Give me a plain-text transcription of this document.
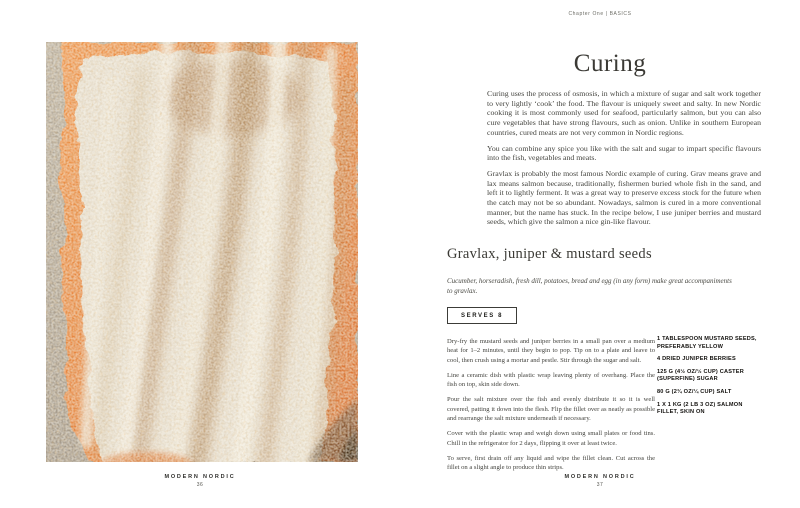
MODERN NORDIC
36
Chapter One | BASICS
Curing

Curing uses the process of osmosis, in which a mixture of sugar and salt work together to very lightly ‘cook’ the food. The flavour is uniquely sweet and salty. In new Nordic cooking it is most commonly used for seafood, particularly salmon, but you can also cure vegetables that have strong flavours, such as onion. Unlike in southern European countries, cured meats are not very common in Nordic regions.

You can combine any spice you like with the salt and sugar to impart specific flavours into the fish, vegetables and meats.

Gravlax is probably the most famous Nordic example of curing. Grav means grave and lax means salmon because, traditionally, fishermen buried whole fish in the sand, and left it to lightly ferment. It was a great way to preserve excess stock for the future when the catch may not be so abundant. Nowadays, salmon is cured in a more conventional manner, but the name has stuck. In the recipe below, I use juniper berries and mustard seeds, which give the salmon a nice gin-like flavour.

Gravlax, juniper & mustard seeds

Cucumber, horseradish, fresh dill, potatoes, bread and egg (in any form) make great accompaniments to gravlax.

SERVES 8

Dry-fry the mustard seeds and juniper berries in a small pan over a medium heat for 1–2 minutes, until they begin to pop. Tip on to a plate and leave to cool, then crush using a mortar and pestle. Stir through the sugar and salt.

Line a ceramic dish with plastic wrap leaving plenty of overhang. Place the fish on top, skin side down.

Pour the salt mixture over the fish and evenly distribute it so it is well covered, patting it down into the flesh. Flip the fillet over as neatly as possible and rearrange the salt mixture underneath if necessary.

Cover with the plastic wrap and weigh down using small plates or food tins. Chill in the refrigerator for 2 days, flipping it over at least twice.

To serve, first drain off any liquid and wipe the fillet clean. Cut across the fillet on a slight angle to produce thin strips.

1 TABLESPOON MUSTARD SEEDS, PREFERABLY YELLOW

4 DRIED JUNIPER BERRIES

125 G (4½ OZ/½ CUP) CASTER (SUPERFINE) SUGAR

80 G (2¾ OZ/¼ CUP) SALT

1 X 1 KG (2 LB 3 OZ) SALMON FILLET, SKIN ON

MODERN NORDIC
37
